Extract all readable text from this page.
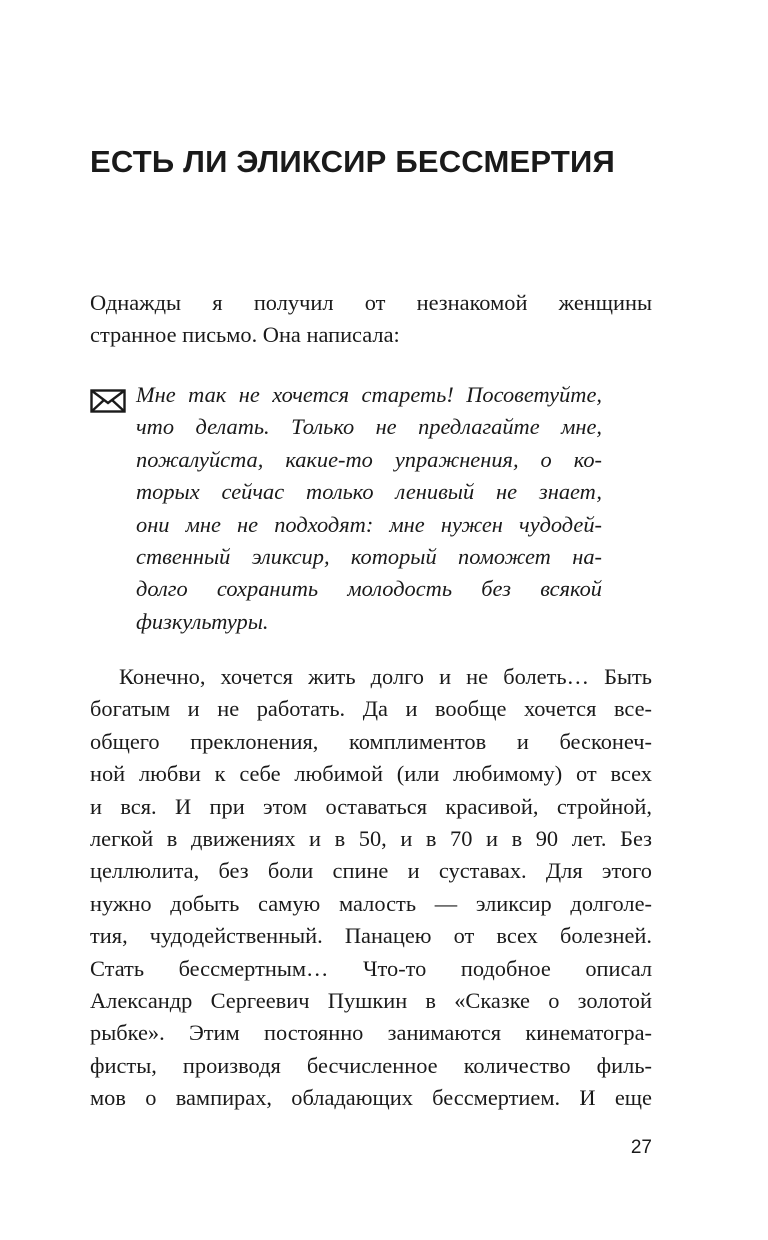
ЕСТЬ ЛИ ЭЛИКСИР БЕССМЕРТИЯ
Однажды я получил от незнакомой женщины
странное письмо. Она написала:
Мне так не хочется стареть! Посоветуйте,
что делать. Только не предлагайте мне,
пожалуйста, какие-то упражнения, о ко-
торых сейчас только ленивый не знает,
они мне не подходят: мне нужен чудодей-
ственный эликсир, который поможет на-
долго сохранить молодость без всякой
физкультуры.
Конечно, хочется жить долго и не болеть… Быть
богатым и не работать. Да и вообще хочется все-
общего преклонения, комплиментов и бесконеч-
ной любви к себе любимой (или любимому) от всех
и вся. И при этом оставаться красивой, стройной,
легкой в движениях и в 50, и в 70 и в 90 лет. Без
целлюлита, без боли спине и суставах. Для этого
нужно добыть самую малость — эликсир долголе-
тия, чудодейственный. Панацею от всех болезней.
Стать бессмертным… Что-то подобное описал
Александр Сергеевич Пушкин в «Сказке о золотой
рыбке». Этим постоянно занимаются кинематогра-
фисты, производя бесчисленное количество филь-
мов о вампирах, обладающих бессмертием. И еще
27
